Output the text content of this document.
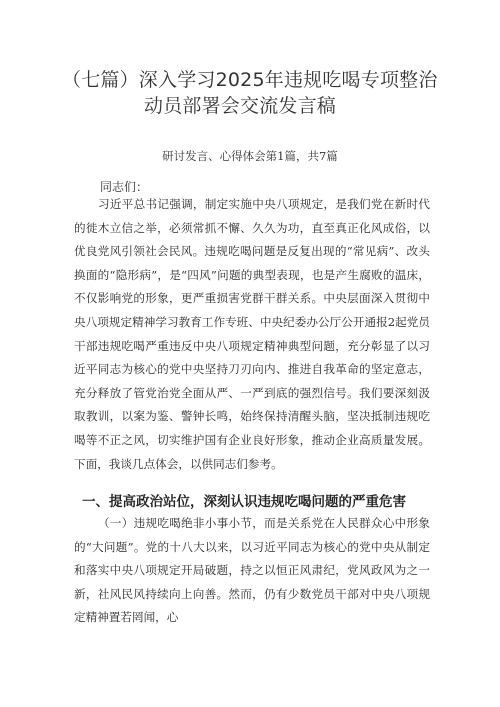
（七篇）深入学习2025年违规吃喝专项整治
动员部署会交流发言稿
研讨发言、心得体会第1篇，共7篇
同志们：

习近平总书记强调，制定实施中央八项规定，是我们党在新时代的徙木立信之举，必须常抓不懈、久久为功，直至真正化风成俗，以优良党风引领社会民风。违规吃喝问题是反复出现的“常见病”、改头换面的“隐形病”，是“四风”问题的典型表现，也是产生腐败的温床，不仅影响党的形象，更严重损害党群干群关系。中央层面深入贯彻中央八项规定精神学习教育工作专班、中央纪委办公厅公开通报2起党员干部违规吃喝严重违反中央八项规定精神典型问题，充分彰显了以习近平同志为核心的党中央坚持刀刃向内、推进自我革命的坚定意志，充分释放了管党治党全面从严、一严到底的强烈信号。我们要深刻汲取教训，以案为鉴、警钟长鸣，始终保持清醒头脑，坚决抵制违规吃喝等不正之风，切实维护国有企业良好形象，推动企业高质量发展。下面，我谈几点体会，以供同志们参考。

一、提高政治站位，深刻认识违规吃喝问题的严重危害

（一）违规吃喝绝非小事小节，而是关系党在人民群众心中形象的“大问题”。党的十八大以来，以习近平同志为核心的党中央从制定和落实中央八项规定开局破题，持之以恒正风肃纪，党风政风为之一新，社风民风持续向上向善。然而，仍有少数党员干部对中央八项规定精神置若罔闻，心
